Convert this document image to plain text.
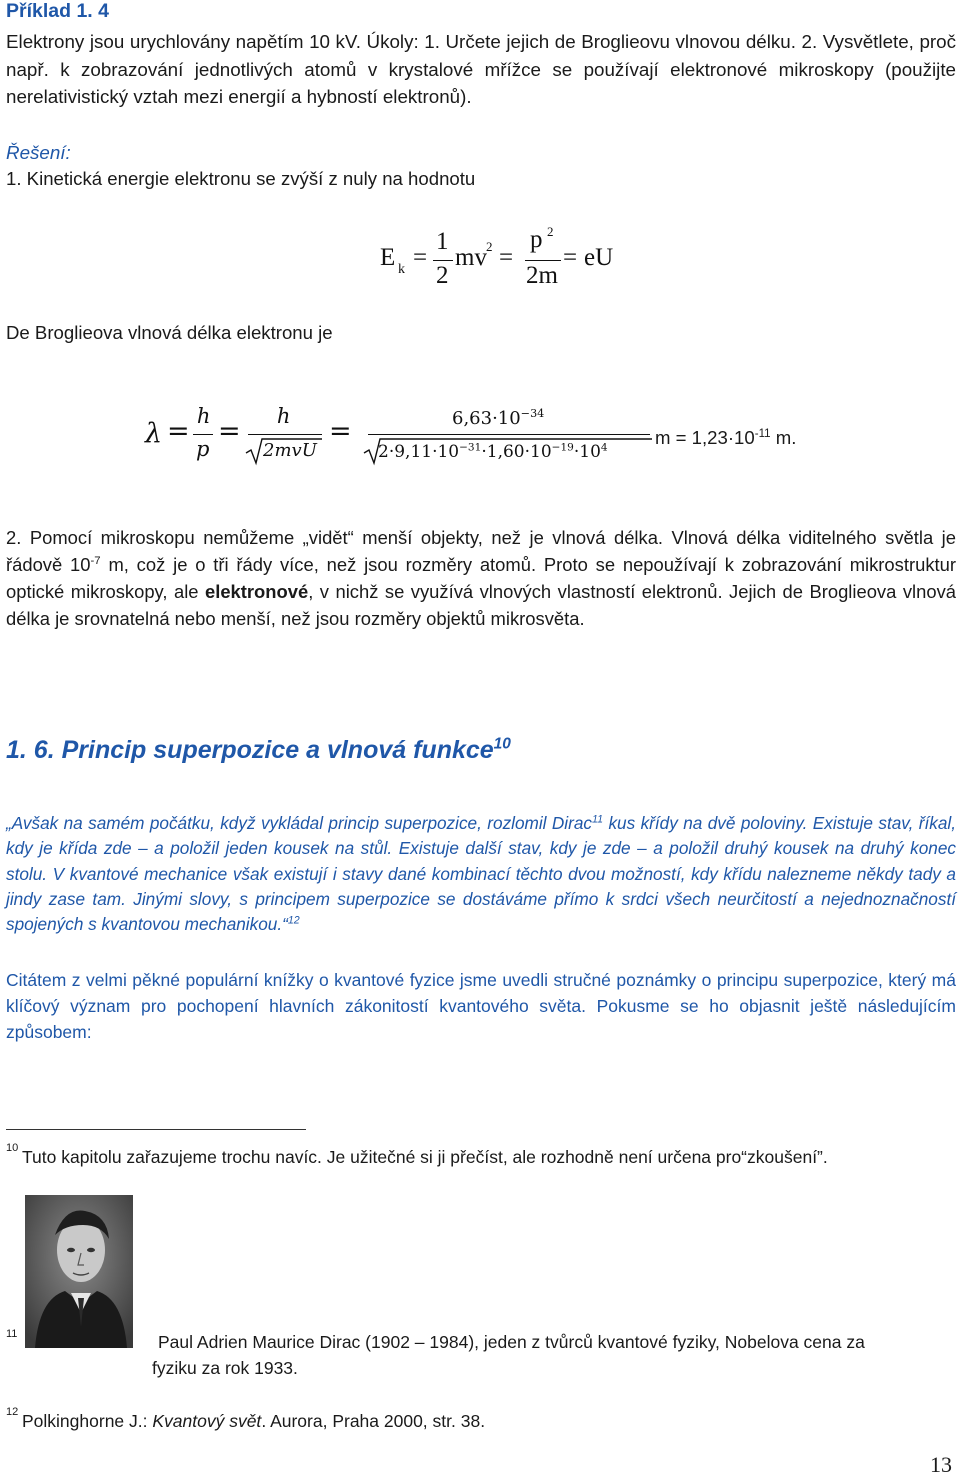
Příklad 1. 4
Elektrony jsou urychlovány napětím 10 kV. Úkoly: 1. Určete jejich de Broglieovu vlnovou délku. 2. Vysvětlete, proč např. k zobrazování jednotlivých atomů v krystalové mřížce se používají elektronové mikroskopy (použijte nerelativistický vztah mezi energií a hybností elektronů).
Řešení:
1. Kinetická energie elektronu se zvýší z nuly na hodnotu
E k =
1
2
mv 2 =
p 2
2m
= eU
De Broglieova vlnová délka elektronu je
λ = ℎ
𝑝
= ℎ
2𝑚𝑣𝑈
=	$6,63\cdot 10^{-34}$
$2\cdot 9,11\cdot 10^{-31}\cdot 1,60\cdot 10^{-19}\cdot 10^4$	$m = 1,23\cdot 10^{-11}$ m.
2. Pomocí mikroskopu nemůžeme „vidět“ menší objekty, než je vlnová délka. Vlnová délka viditelného světla je řádově $10^{-7}$ m, což je o tři řády více, než jsou rozměry atomů. Proto se nepoužívají k zobrazování mikrostruktur optické mikroskopy, ale elektronové, v nichž se využívá vlnových vlastností elektronů. Jejich de Broglieova vlnová délka je srovnatelná nebo menší, než jsou rozměry objektů mikrosvěta.
1. 6. Princip superpozice a vlnová funkce$^{10}$
„Avšak na samém počátku, když vykládal princip superpozice, rozlomil Dirac$^{11}$ kus křídy na dvě poloviny. Existuje stav, říkal, kdy je křída zde – a položil jeden kousek na stůl. Existuje další stav, kdy je zde – a položil druhý kousek na druhý konec stolu. V kvantové mechanice však existují i stavy dané kombinací těchto dvou možností, kdy křídu nalezneme někdy tady a jindy zase tam. Jinými slovy, s principem superpozice se dostáváme přímo k srdci všech neurčitostí a nejednoznačností spojených s kvantovou mechanikou.“$^{12}$
Citátem z velmi pěkné populární knížky o kvantové fyzice jsme uvedli stručné poznámky o principu superpozice, který má klíčový význam pro pochopení hlavních zákonitostí kvantového světa. Pokusme se ho objasnit ještě následujícím způsobem:
10 Tuto kapitolu zařazujeme trochu navíc. Je užitečné si ji přečíst, ale rozhodně není určena pro“zkoušení”.
11	Paul Adrien Maurice Dirac (1902 – 1984), jeden z tvůrců kvantové fyziky, Nobelova cena za fyziku za rok 1933.
12 Polkinghorne J.: Kvantový svět. Aurora, Praha 2000, str. 38.
13
